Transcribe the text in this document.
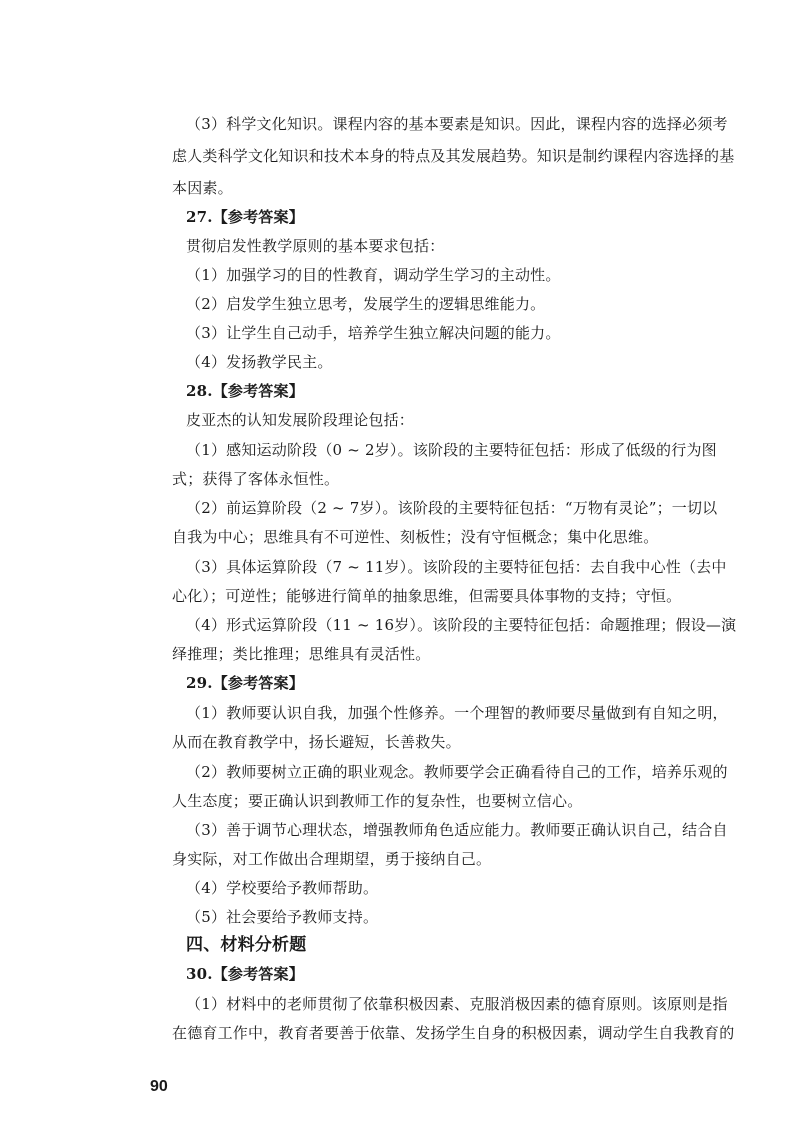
（3）科学文化知识。课程内容的基本要素是知识。因此，课程内容的选择必须考
虑人类科学文化知识和技术本身的特点及其发展趋势。知识是制约课程内容选择的基
本因素。
27.【参考答案】
贯彻启发性教学原则的基本要求包括：
（1）加强学习的目的性教育，调动学生学习的主动性。
（2）启发学生独立思考，发展学生的逻辑思维能力。
（3）让学生自己动手，培养学生独立解决问题的能力。
（4）发扬教学民主。
28.【参考答案】
皮亚杰的认知发展阶段理论包括：
（1）感知运动阶段（0 ~ 2岁）。该阶段的主要特征包括：形成了低级的行为图
式；获得了客体永恒性。
（2）前运算阶段（2 ~ 7岁）。该阶段的主要特征包括：“万物有灵论”；一切以
自我为中心；思维具有不可逆性、刻板性；没有守恒概念；集中化思维。
（3）具体运算阶段（7 ~ 11岁）。该阶段的主要特征包括：去自我中心性（去中
心化）；可逆性；能够进行简单的抽象思维，但需要具体事物的支持；守恒。
（4）形式运算阶段（11 ~ 16岁）。该阶段的主要特征包括：命题推理；假设—演
绎推理；类比推理；思维具有灵活性。
29.【参考答案】
（1）教师要认识自我，加强个性修养。一个理智的教师要尽量做到有自知之明，
从而在教育教学中，扬长避短，长善救失。
（2）教师要树立正确的职业观念。教师要学会正确看待自己的工作，培养乐观的
人生态度；要正确认识到教师工作的复杂性，也要树立信心。
（3）善于调节心理状态，增强教师角色适应能力。教师要正确认识自己，结合自
身实际，对工作做出合理期望，勇于接纳自己。
（4）学校要给予教师帮助。
（5）社会要给予教师支持。
四、材料分析题
30.【参考答案】
（1）材料中的老师贯彻了依靠积极因素、克服消极因素的德育原则。该原则是指
在德育工作中，教育者要善于依靠、发扬学生自身的积极因素，调动学生自我教育的
90
